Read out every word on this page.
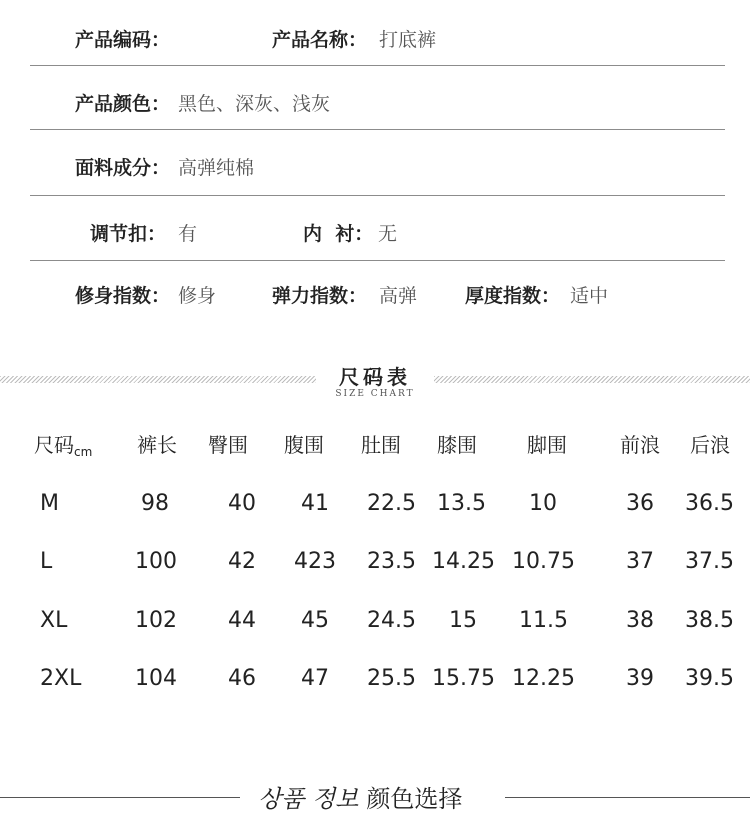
产品编码：	产品名称： 打底裤
产品颜色： 黑色、深灰、浅灰
面料成分： 高弹纯棉
调节扣： 有	内  衬： 无
修身指数： 修身	弹力指数： 高弹	厚度指数： 适中
尺码表
SIZE CHART
尺码$_{cm}$ 裤长 臀围 腹围 肚围 膝围	脚围	前浪 后浪
M	98	40 41 22.5 13.5 10	36 36.5
L	100 42 423 23.5 14.25 10.75 37 37.5
XL	102 44 45 24.5 15 11.5	38 38.5
2XL 104 46 47 25.5 15.75 12.25 39 39.5
상품 정보 颜色选择
